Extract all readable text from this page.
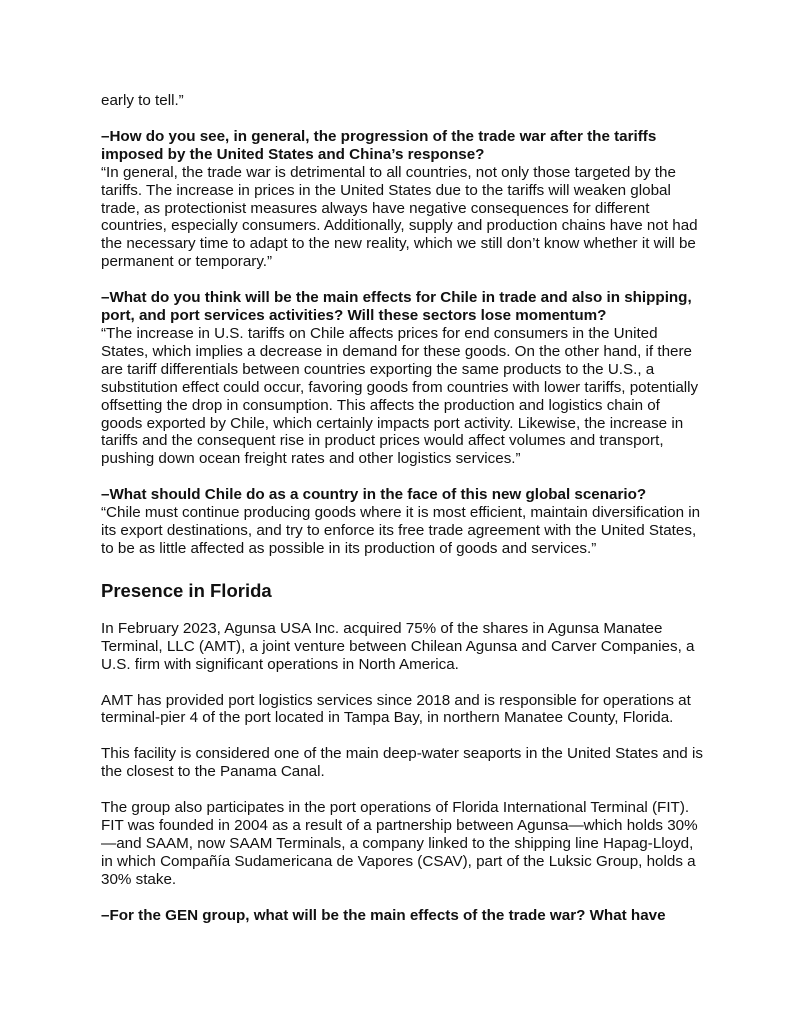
early to tell.”

–How do you see, in general, the progression of the trade war after the tariffs imposed by the United States and China’s response?

“In general, the trade war is detrimental to all countries, not only those targeted by the tariffs. The increase in prices in the United States due to the tariffs will weaken global trade, as protectionist measures always have negative consequences for different countries, especially consumers. Additionally, supply and production chains have not had the necessary time to adapt to the new reality, which we still don’t know whether it will be permanent or temporary.”

–What do you think will be the main effects for Chile in trade and also in shipping, port, and port services activities? Will these sectors lose momentum?

“The increase in U.S. tariffs on Chile affects prices for end consumers in the United States, which implies a decrease in demand for these goods. On the other hand, if there are tariff differentials between countries exporting the same products to the U.S., a substitution effect could occur, favoring goods from countries with lower tariffs, potentially offsetting the drop in consumption. This affects the production and logistics chain of goods exported by Chile, which certainly impacts port activity. Likewise, the increase in tariffs and the consequent rise in product prices would affect volumes and transport, pushing down ocean freight rates and other logistics services.”

–What should Chile do as a country in the face of this new global scenario?

“Chile must continue producing goods where it is most efficient, maintain diversification in its export destinations, and try to enforce its free trade agreement with the United States, to be as little affected as possible in its production of goods and services.”

Presence in Florida

In February 2023, Agunsa USA Inc. acquired 75% of the shares in Agunsa Manatee Terminal, LLC (AMT), a joint venture between Chilean Agunsa and Carver Companies, a U.S. firm with significant operations in North America.

AMT has provided port logistics services since 2018 and is responsible for operations at terminal-pier 4 of the port located in Tampa Bay, in northern Manatee County, Florida.

This facility is considered one of the main deep-water seaports in the United States and is the closest to the Panama Canal.

The group also participates in the port operations of Florida International Terminal (FIT). FIT was founded in 2004 as a result of a partnership between Agunsa—which holds 30%—and SAAM, now SAAM Terminals, a company linked to the shipping line Hapag-Lloyd, in which Compañía Sudamericana de Vapores (CSAV), part of the Luksic Group, holds a 30% stake.

–For the GEN group, what will be the main effects of the trade war? What have
